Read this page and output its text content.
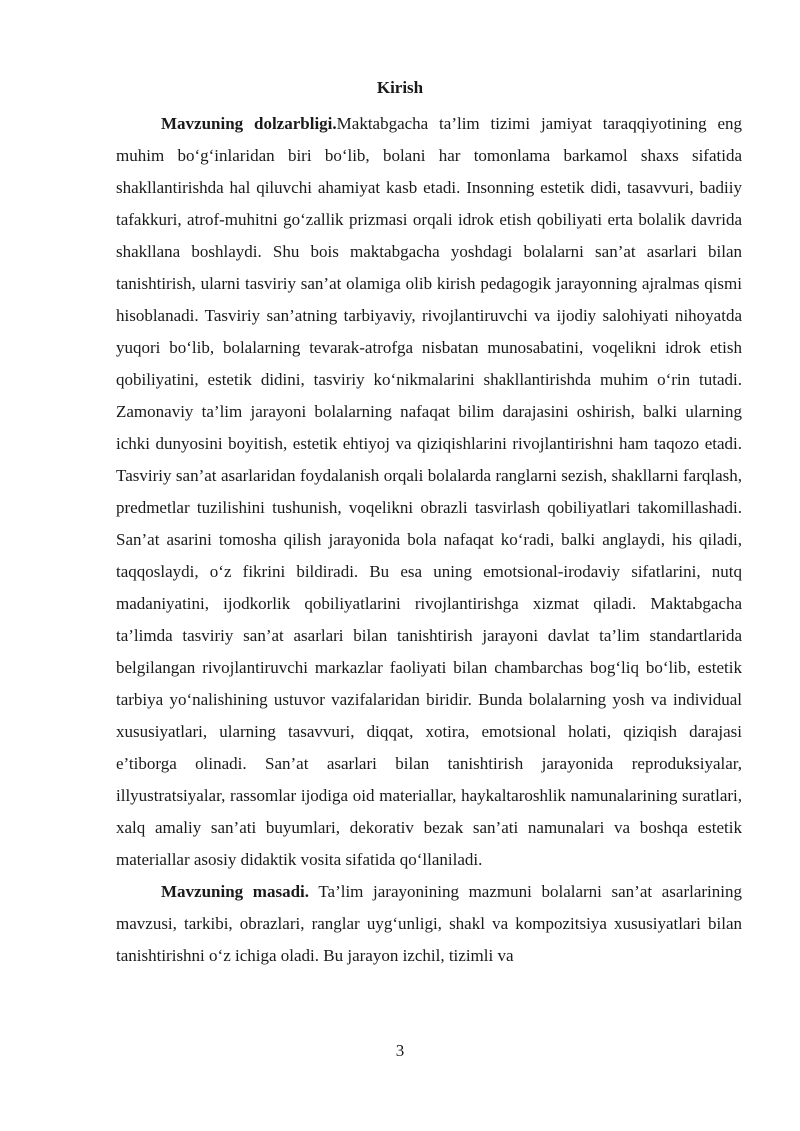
Kirish

Mavzuning dolzarbligi.Maktabgacha ta’lim tizimi jamiyat taraqqiyotining eng muhim bo‘g‘inlaridan biri bo‘lib, bolani har tomonlama barkamol shaxs sifatida shakllantirishda hal qiluvchi ahamiyat kasb etadi. Insonning estetik didi, tasavvuri, badiiy tafakkuri, atrof-muhitni go‘zallik prizmasi orqali idrok etish qobiliyati erta bolalik davrida shakllana boshlaydi. Shu bois maktabgacha yoshdagi bolalarni san’at asarlari bilan tanishtirish, ularni tasviriy san’at olamiga olib kirish pedagogik jarayonning ajralmas qismi hisoblanadi. Tasviriy san’atning tarbiyaviy, rivojlantiruvchi va ijodiy salohiyati nihoyatda yuqori bo‘lib, bolalarning tevarak-atrofga nisbatan munosabatini, voqelikni idrok etish qobiliyatini, estetik didini, tasviriy ko‘nikmalarini shakllantirishda muhim o‘rin tutadi. Zamonaviy ta’lim jarayoni bolalarning nafaqat bilim darajasini oshirish, balki ularning ichki dunyosini boyitish, estetik ehtiyoj va qiziqishlarini rivojlantirishni ham taqozo etadi. Tasviriy san’at asarlaridan foydalanish orqali bolalarda ranglarni sezish, shakllarni farqlash, predmetlar tuzilishini tushunish, voqelikni obrazli tasvirlash qobiliyatlari takomillashadi. San’at asarini tomosha qilish jarayonida bola nafaqat ko‘radi, balki anglaydi, his qiladi, taqqoslaydi, o‘z fikrini bildiradi. Bu esa uning emotsional-irodaviy sifatlarini, nutq madaniyatini, ijodkorlik qobiliyatlarini rivojlantirishga xizmat qiladi. Maktabgacha ta’limda tasviriy san’at asarlari bilan tanishtirish jarayoni davlat ta’lim standartlarida belgilangan rivojlantiruvchi markazlar faoliyati bilan chambarchas bog‘liq bo‘lib, estetik tarbiya yo‘nalishining ustuvor vazifalaridan biridir. Bunda bolalarning yosh va individual xususiyatlari, ularning tasavvuri, diqqat, xotira, emotsional holati, qiziqish darajasi e’tiborga olinadi. San’at asarlari bilan tanishtirish jarayonida reproduksiyalar, illyustratsiyalar, rassomlar ijodiga oid materiallar, haykaltaroshlik namunalarining suratlari, xalq amaliy san’ati buyumlari, dekorativ bezak san’ati namunalari va boshqa estetik materiallar asosiy didaktik vosita sifatida qo‘llaniladi.

Mavzuning masadi. Ta’lim jarayonining mazmuni bolalarni san’at asarlarining mavzusi, tarkibi, obrazlari, ranglar uyg‘unligi, shakl va kompozitsiya xususiyatlari bilan tanishtirishni o‘z ichiga oladi. Bu jarayon izchil, tizimli va

3
